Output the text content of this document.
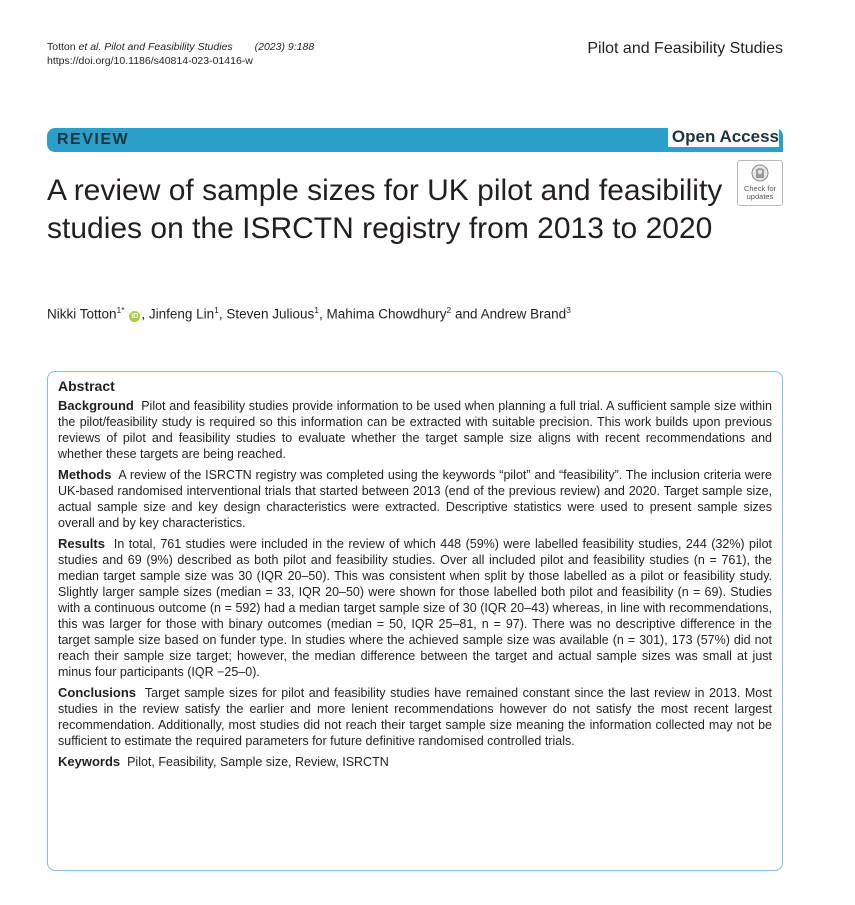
Totton et al. Pilot and Feasibility Studies (2023) 9:188
https://doi.org/10.1186/s40814-023-01416-w
Pilot and Feasibility Studies
REVIEW	Open Access
Check for
updates
A review of sample sizes for UK pilot and feasibility studies on the ISRCTN registry from 2013 to 2020
Nikki Totton$^{1*}$ iD , Jinfeng Lin$^1$, Steven Julious$^1$, Mahima Chowdhury$^2$ and Andrew Brand$^3$
Abstract

Background Pilot and feasibility studies provide information to be used when planning a full trial. A sufficient sample size within the pilot/feasibility study is required so this information can be extracted with suitable precision. This work builds upon previous reviews of pilot and feasibility studies to evaluate whether the target sample size aligns with recent recommendations and whether these targets are being reached.

Methods A review of the ISRCTN registry was completed using the keywords “pilot” and “feasibility”. The inclusion criteria were UK-based randomised interventional trials that started between 2013 (end of the previous review) and 2020. Target sample size, actual sample size and key design characteristics were extracted. Descriptive statistics were used to present sample sizes overall and by key characteristics.

Results In total, 761 studies were included in the review of which 448 (59%) were labelled feasibility studies, 244 (32%) pilot studies and 69 (9%) described as both pilot and feasibility studies. Over all included pilot and feasibility studies (n = 761), the median target sample size was 30 (IQR 20–50). This was consistent when split by those labelled as a pilot or feasibility study. Slightly larger sample sizes (median = 33, IQR 20–50) were shown for those labelled both pilot and feasibility (n = 69). Studies with a continuous outcome (n = 592) had a median target sample size of 30 (IQR 20–43) whereas, in line with recommendations, this was larger for those with binary outcomes (median = 50, IQR 25–81, n = 97). There was no descriptive difference in the target sample size based on funder type. In studies where the achieved sample size was available (n = 301), 173 (57%) did not reach their sample size target; however, the median difference between the target and actual sample sizes was small at just minus four participants (IQR −25–0).

Conclusions Target sample sizes for pilot and feasibility studies have remained constant since the last review in 2013. Most studies in the review satisfy the earlier and more lenient recommendations however do not satisfy the most recent largest recommendation. Additionally, most studies did not reach their target sample size meaning the information collected may not be sufficient to estimate the required parameters for future definitive randomised controlled trials.

Keywords Pilot, Feasibility, Sample size, Review, ISRCTN
